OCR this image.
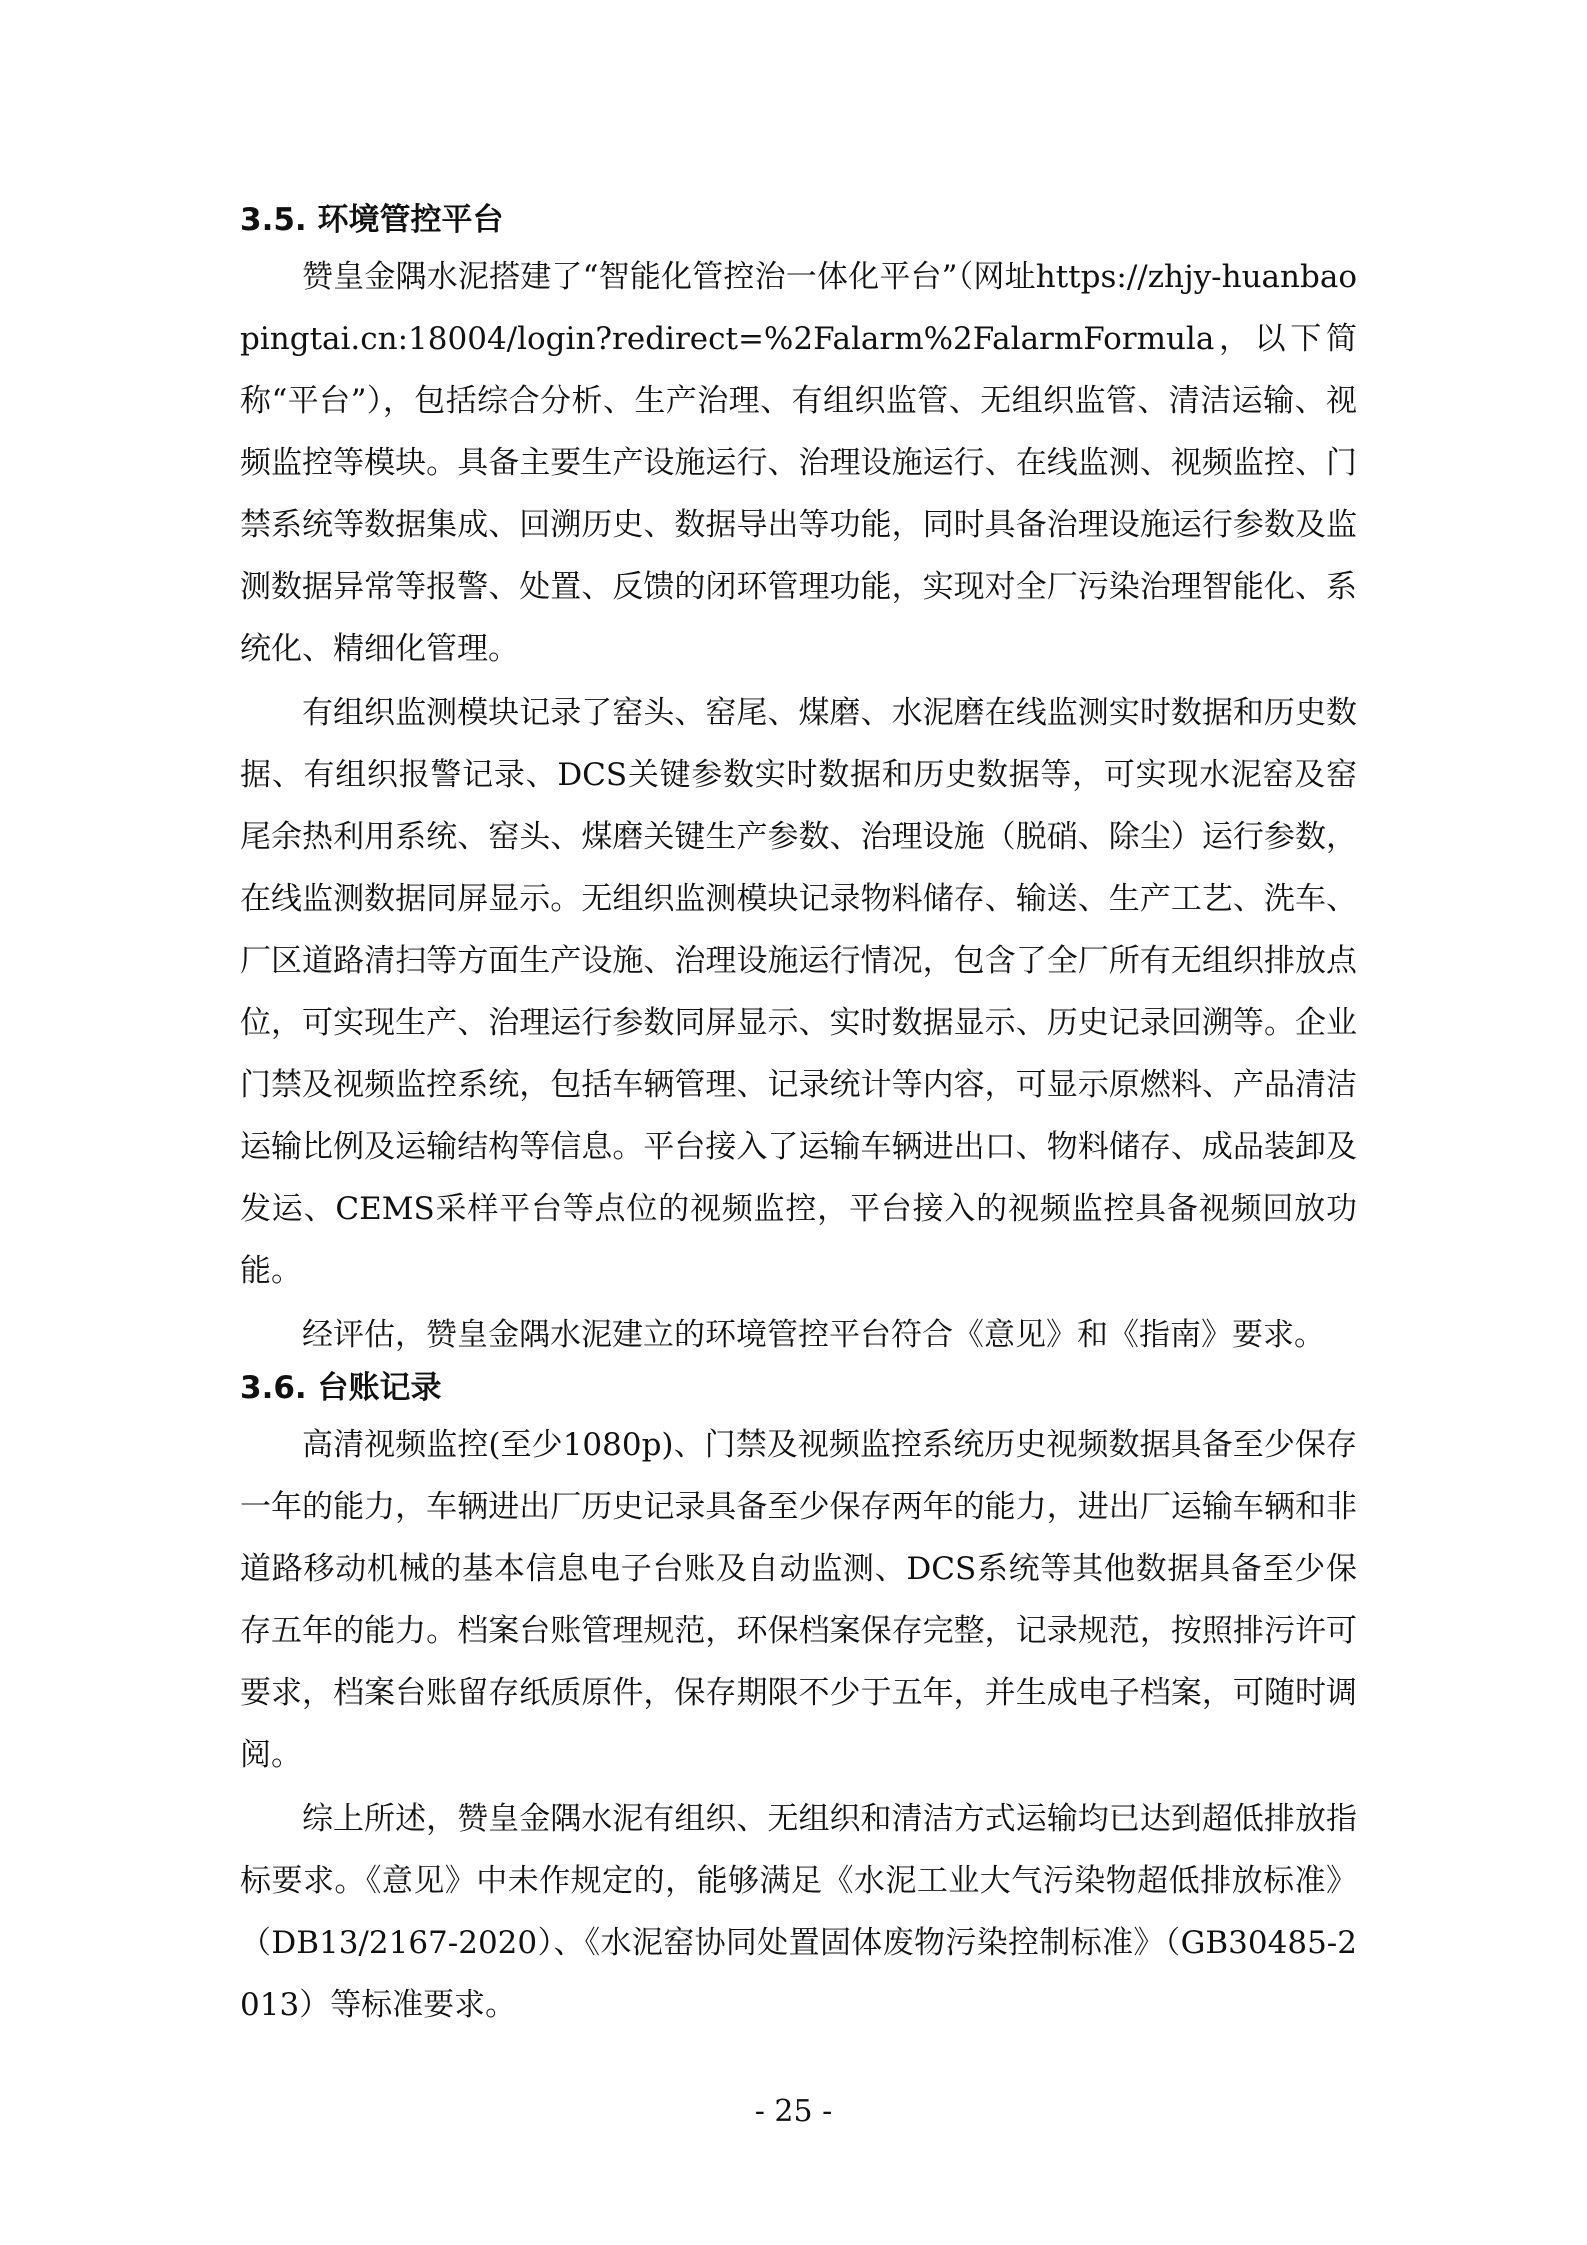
3.5. 环境管控平台

赞皇金隅水泥搭建了“智能化管控治一体化平台”（网址https://zhjy-huanbaopingtai.cn:18004/login?redirect=%2Falarm%2FalarmFormula，以下简称“平台”），包括综合分析、生产治理、有组织监管、无组织监管、清洁运输、视频监控等模块。具备主要生产设施运行、治理设施运行、在线监测、视频监控、门禁系统等数据集成、回溯历史、数据导出等功能，同时具备治理设施运行参数及监测数据异常等报警、处置、反馈的闭环管理功能，实现对全厂污染治理智能化、系统化、精细化管理。

有组织监测模块记录了窑头、窑尾、煤磨、水泥磨在线监测实时数据和历史数据、有组织报警记录、DCS关键参数实时数据和历史数据等，可实现水泥窑及窑尾余热利用系统、窑头、煤磨关键生产参数、治理设施（脱硝、除尘）运行参数，在线监测数据同屏显示。无组织监测模块记录物料储存、输送、生产工艺、洗车、厂区道路清扫等方面生产设施、治理设施运行情况，包含了全厂所有无组织排放点位，可实现生产、治理运行参数同屏显示、实时数据显示、历史记录回溯等。企业门禁及视频监控系统，包括车辆管理、记录统计等内容，可显示原燃料、产品清洁运输比例及运输结构等信息。平台接入了运输车辆进出口、物料储存、成品装卸及发运、CEMS采样平台等点位的视频监控，平台接入的视频监控具备视频回放功能。

经评估，赞皇金隅水泥建立的环境管控平台符合《意见》和《指南》要求。

3.6. 台账记录

高清视频监控(至少1080p)、门禁及视频监控系统历史视频数据具备至少保存一年的能力，车辆进出厂历史记录具备至少保存两年的能力，进出厂运输车辆和非道路移动机械的基本信息电子台账及自动监测、DCS系统等其他数据具备至少保存五年的能力。档案台账管理规范，环保档案保存完整，记录规范，按照排污许可要求，档案台账留存纸质原件，保存期限不少于五年，并生成电子档案，可随时调阅。

综上所述，赞皇金隅水泥有组织、无组织和清洁方式运输均已达到超低排放指标要求。《意见》中未作规定的，能够满足《水泥工业大气污染物超低排放标准》（DB13/2167-2020）、《水泥窑协同处置固体废物污染控制标准》（GB30485-2013）等标准要求。

- 25 -
